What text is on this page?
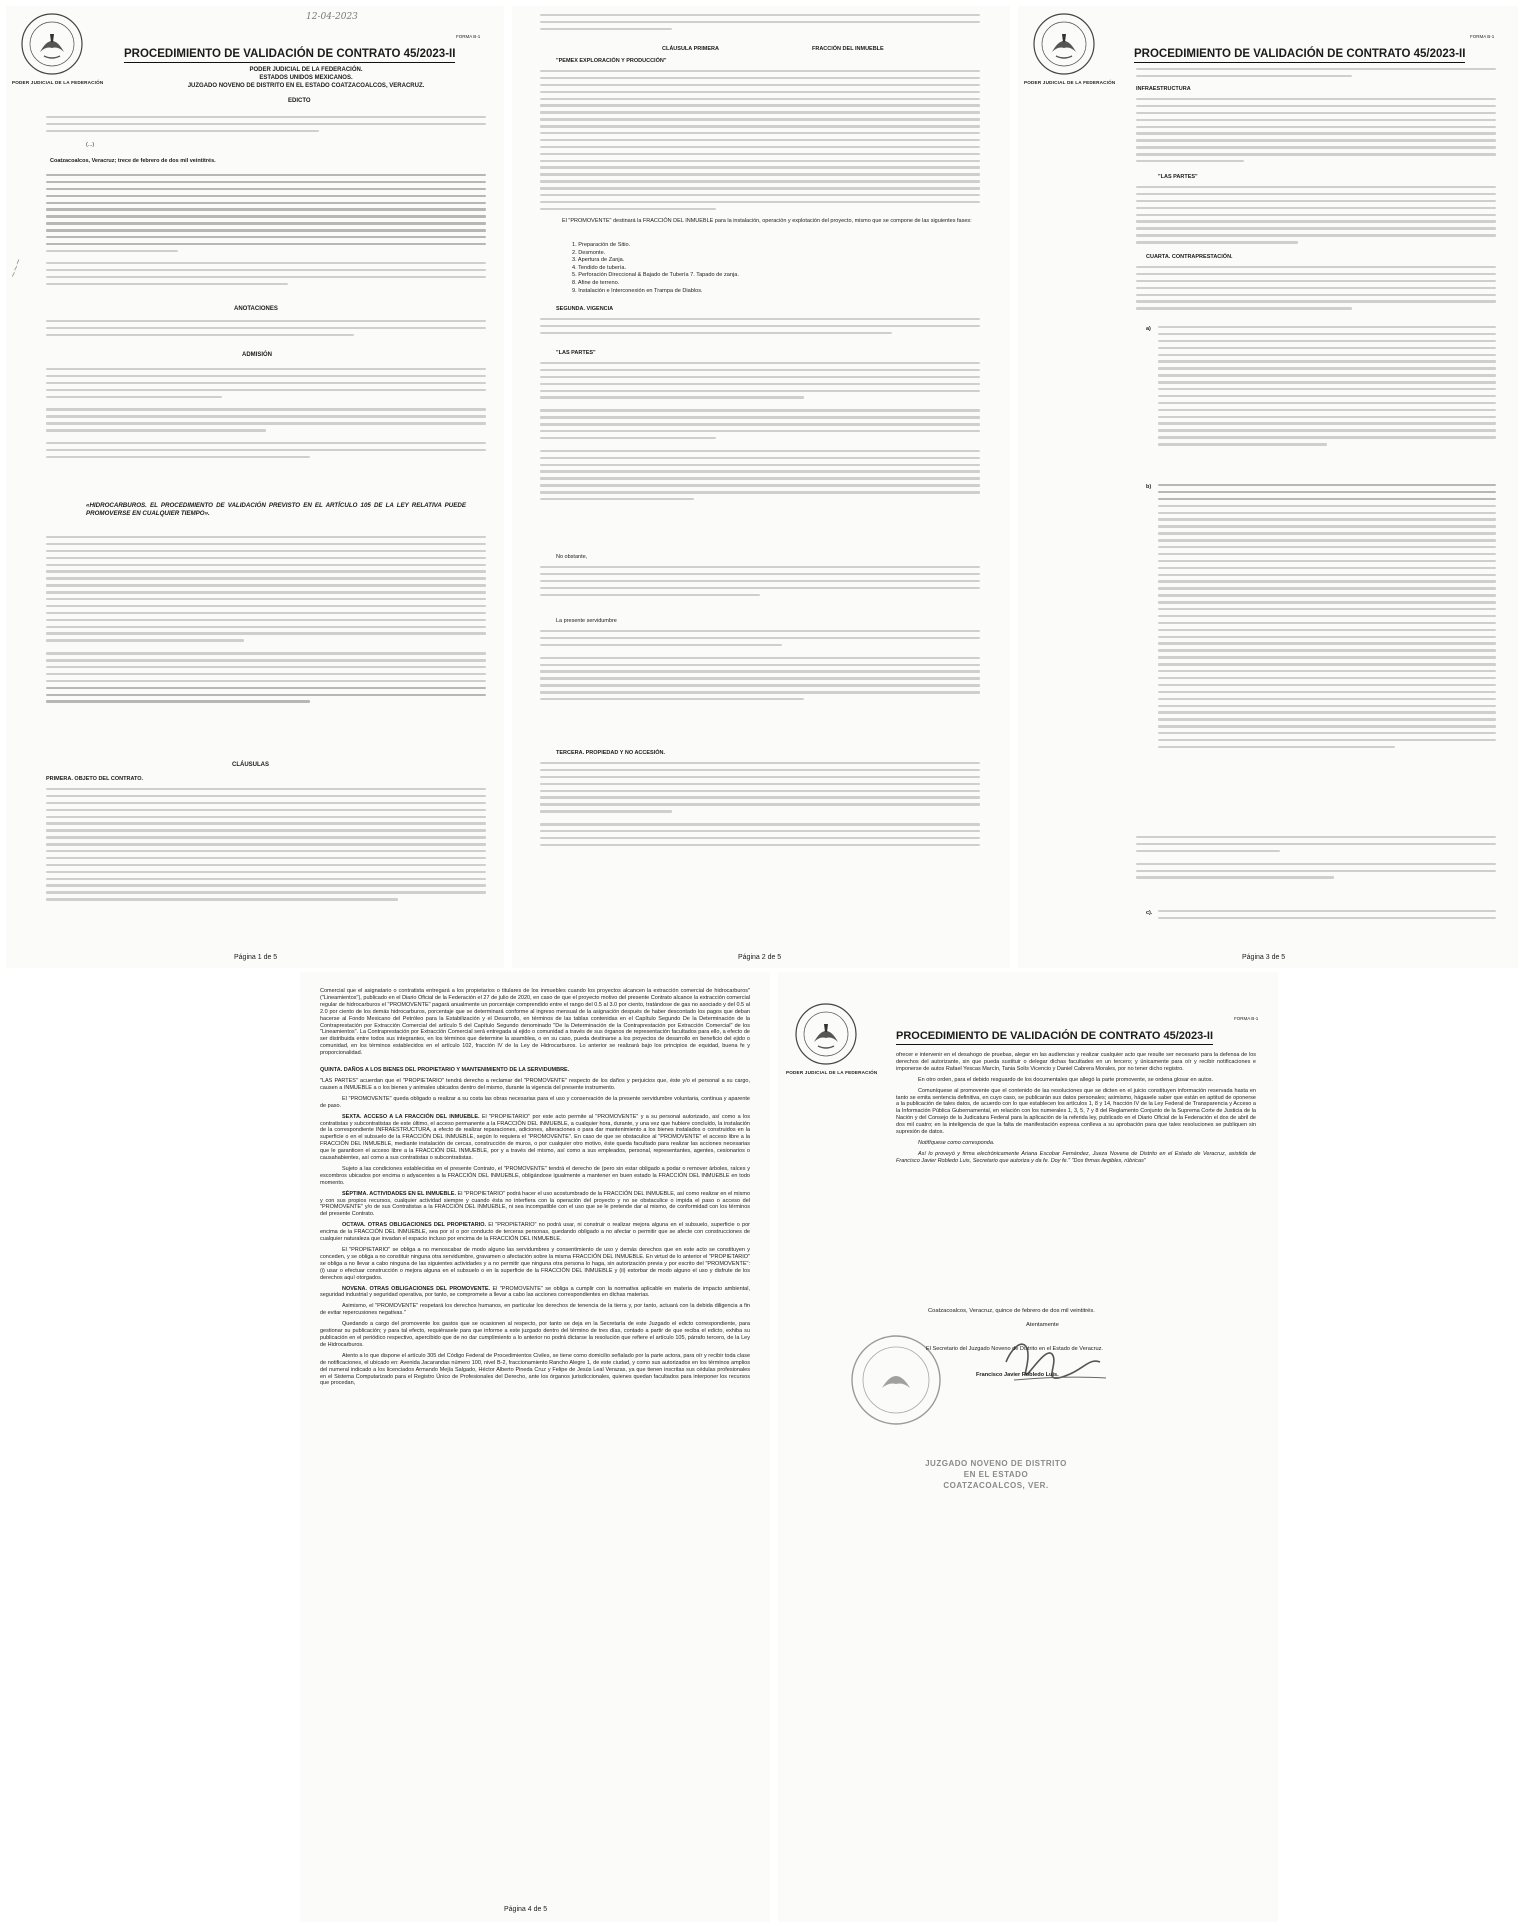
PODER JUDICIAL DE LA FEDERACIÓN
12-04-2023
FORMA B-1
PROCEDIMIENTO DE VALIDACIÓN DE CONTRATO 45/2023-II
PODER JUDICIAL DE LA FEDERACIÓN.
ESTADOS UNIDOS MEXICANOS.
JUZGADO NOVENO DE DISTRITO EN EL ESTADO COATZACOALCOS, VERACRUZ.
EDICTO
(...)
Coatzacoalcos, Veracruz; trece de febrero de dos mil veintitrés.
~~~
ANOTACIONES
ADMISIÓN
«HIDROCARBUROS. EL PROCEDIMIENTO DE VALIDACIÓN PREVISTO EN EL ARTÍCULO 105 DE LA LEY RELATIVA PUEDE PROMOVERSE EN CUALQUIER TIEMPO».
CLÁUSULAS
PRIMERA. OBJETO DEL CONTRATO.
Página 1 de 5
CLÁUSULA PRIMERA	FRACCIÓN DEL INMUEBLE
"PEMEX EXPLORACIÓN Y PRODUCCIÓN"

El "PROMOVENTE" destinará la FRACCIÓN DEL INMUEBLE para la instalación, operación y explotación del proyecto, mismo que se compone de las siguientes fases:

1. Preparación de Sitio.
2. Desmonte.
3. Apertura de Zanja.
4. Tendido de tubería.
5. Perforación Direccional & Bajado de Tubería 7. Tapado de zanja.
8. Afine de terreno.
9. Instalación e Interconexión en Trampa de Diablos.
SEGUNDA. VIGENCIA
"LAS PARTES"
No obstante,
La presente servidumbre
TERCERA. PROPIEDAD Y NO ACCESIÓN.
Página 2 de 5
PODER JUDICIAL DE LA FEDERACIÓN
FORMA B-1
PROCEDIMIENTO DE VALIDACIÓN DE CONTRATO 45/2023-II
INFRAESTRUCTURA
"LAS PARTES"
CUARTA. CONTRAPRESTACIÓN.
a)
b)
c).
Página 3 de 5

Comercial que el asignatario o contratista entregará a los propietarios o titulares de los inmuebles cuando los proyectos alcancen la extracción comercial de hidrocarburos" ("Lineamientos"), publicado en el Diario Oficial de la Federación el 27 de julio de 2020, en caso de que el proyecto motivo del presente Contrato alcance la extracción comercial regular de hidrocarburos el "PROMOVENTE" pagará anualmente un porcentaje comprendido entre el rango del 0.5 al 3.0 por ciento, tratándose de gas no asociado y del 0.5 al 2.0 por ciento de los demás hidrocarburos, porcentaje que se determinará conforme al ingreso mensual de la asignación después de haber descontado los pagos que deban hacerse al Fondo Mexicano del Petróleo para la Estabilización y el Desarrollo, en términos de las tablas contenidas en el Capítulo Segundo De la Determinación de la Contraprestación por Extracción Comercial del artículo 5 del Capítulo Segundo denominado "De la Determinación de la Contraprestación por Extracción Comercial" de los "Lineamientos". La Contraprestación por Extracción Comercial será entregada al ejido o comunidad a través de sus órganos de representación facultados para ello, a efecto de ser distribuida entre todos sus integrantes, en los términos que determine la asamblea, o en su caso, pueda destinarse a los proyectos de desarrollo en beneficio del ejido o comunidad, en los términos establecidos en el artículo 102, fracción IV de la Ley de Hidrocarburos. Lo anterior se realizará bajo los principios de equidad, buena fe y proporcionalidad.

QUINTA. DAÑOS A LOS BIENES DEL PROPIETARIO Y MANTENIMIENTO DE LA SERVIDUMBRE.

"LAS PARTES" acuerdan que el "PROPIETARIO" tendrá derecho a reclamar del "PROMOVENTE" respecto de los daños y perjuicios que, éste y/o el personal a su cargo, causen a INMUEBLE a o los bienes y animales ubicados dentro del mismo, durante la vigencia del presente instrumento.

El "PROMOVENTE" queda obligado a realizar a su costa las obras necesarias para el uso y conservación de la presente servidumbre voluntaria, continua y aparente de paso.

SEXTA. ACCESO A LA FRACCIÓN DEL INMUEBLE. El "PROPIETARIO" por este acto permite al "PROMOVENTE" y a su personal autorizado, así como a los contratistas y subcontratistas de este último, el acceso permanente a la FRACCIÓN DEL INMUEBLE, a cualquier hora, durante, y una vez que hubiere concluido, la instalación de la correspondiente INFRAESTRUCTURA, a efecto de realizar reparaciones, adiciones, alteraciones o para dar mantenimiento a los bienes instalados o construidos en la superficie o en el subsuelo de la FRACCIÓN DEL INMUEBLE, según lo requiera el "PROMOVENTE". En caso de que se obstaculice al "PROMOVENTE" el acceso libre a la FRACCIÓN DEL INMUEBLE, mediante instalación de cercas, construcción de muros, o por cualquier otro motivo, éste queda facultado para realizar las acciones necesarias que le garanticen el acceso libre a la FRACCIÓN DEL INMUEBLE, por y a través del mismo, así como a sus empleados, personal, representantes, agentes, cesionarios o causahabientes, así como a sus contratistas o subcontratistas.

Sujeto a las condiciones establecidas en el presente Contrato, el "PROMOVENTE" tendrá el derecho de (pero sin estar obligado a podar o remover árboles, raíces y escombros ubicados por encima o adyacentes a la FRACCIÓN DEL INMUEBLE, obligándose igualmente a mantener en buen estado la FRACCIÓN DEL INMUEBLE en todo momento.

SÉPTIMA. ACTIVIDADES EN EL INMUEBLE. El "PROPIETARIO" podrá hacer el uso acostumbrado de la FRACCIÓN DEL INMUEBLE, así como realizar en el mismo y con sus propios recursos, cualquier actividad siempre y cuando ésta no interfiera con la operación del proyecto y no se obstaculice o impida el paso o acceso del "PROMOVENTE" y/o de sus Contratistas a la FRACCIÓN DEL INMUEBLE, ni sea incompatible con el uso que se le pretende dar al mismo, de conformidad con los términos del presente Contrato.

OCTAVA. OTRAS OBLIGACIONES DEL PROPIETARIO. El "PROPIETARIO" no podrá usar, ni construir o realizar mejora alguna en el subsuelo, superficie o por encima de la FRACCIÓN DEL INMUEBLE, sea por sí o por conducto de terceras personas, quedando obligado a no afectar o permitir que se afecte con construcciones de cualquier naturaleza que invadan el espacio incluso por encima de la FRACCIÓN DEL INMUEBLE.

El "PROPIETARIO" se obliga a no menoscabar de modo alguno las servidumbres y consentimiento de uso y demás derechos que en este acto se constituyen y conceden, y se obliga a no constituir ninguna otra servidumbre, gravamen o afectación sobre la misma FRACCIÓN DEL INMUEBLE. En virtud de lo anterior el "PROPIETARIO" se obliga a no llevar a cabo ninguna de las siguientes actividades y a no permitir que ninguna otra persona lo haga, sin autorización previa y por escrito del "PROMOVENTE": (i) usar o efectuar construcción o mejora alguna en el subsuelo o en la superficie de la FRACCIÓN DEL INMUEBLE y (ii) estorbar de modo alguno el uso y disfrute de los derechos aquí otorgados.

NOVENA. OTRAS OBLIGACIONES DEL PROMOVENTE. El "PROMOVENTE" se obliga a cumplir con la normativa aplicable en materia de impacto ambiental, seguridad industrial y seguridad operativa, por tanto, se compromete a llevar a cabo las acciones correspondientes en dichas materias.

Asimismo, el "PROMOVENTE" respetará los derechos humanos, en particular los derechos de tenencia de la tierra y, por tanto, actuará con la debida diligencia a fin de evitar repercusiones negativas."

Quedando a cargo del promovente los gastos que se ocasionen al respecto, por tanto se deja en la Secretaría de este Juzgado el edicto correspondiente, para gestionar su publicación; y para tal efecto, requiérasele para que informe a este juzgado dentro del término de tres días, contado a partir de que reciba el edicto, exhiba su publicación en el periódico respectivo, apercibido que de no dar cumplimiento a lo anterior no podrá dictarse la resolución que refiere el artículo 105, párrafo tercero, de la Ley de Hidrocarburos.

Atento a lo que dispone el artículo 305 del Código Federal de Procedimientos Civiles, se tiene como domicilio señalado por la parte actora, para oír y recibir toda clase de notificaciones, el ubicado en: Avenida Jacarandas número 100, nivel B-2, fraccionamiento Rancho Alegre 1, de este ciudad, y como sus autorizados en los términos amplios del numeral indicado a los licenciados Armando Mejía Salgado, Héctor Alberto Pineda Cruz y Felipe de Jesús Leal Verazas, ya que tienen inscritas sus cédulas profesionales en el Sistema Computarizado para el Registro Único de Profesionales del Derecho, ante los órganos jurisdiccionales, quienes quedan facultados para interponer los recursos que procedan,

Página 4 de 5
PODER JUDICIAL DE LA FEDERACIÓN
FORMA B-1
PROCEDIMIENTO DE VALIDACIÓN DE CONTRATO 45/2023-II

ofrecer e intervenir en el desahogo de pruebas, alegar en las audiencias y realizar cualquier acto que resulte ser necesario para la defensa de los derechos del autorizante, sin que pueda sustituir o delegar dichas facultades en un tercero; y únicamente para oír y recibir notificaciones e imponerse de autos Rafael Yescas Marcín, Tania Solís Vicencio y Daniel Cabrera Morales, por no tener dicho registro.

En otro orden, para el debido resguardo de los documentales que allegó la parte promovente, se ordena glosar en autos.

Comuníquese al promovente que el contenido de las resoluciones que se dicten en el juicio constituyen información reservada hasta en tanto se emita sentencia definitiva, en cuyo caso, se publicarán sus datos personales; asimismo, hágasele saber que están en aptitud de oponerse a la publicación de tales datos, de acuerdo con lo que establecen los artículos 1, 8 y 14, fracción IV de la Ley Federal de Transparencia y Acceso a la Información Pública Gubernamental, en relación con los numerales 1, 3, 5, 7 y 8 del Reglamento Conjunto de la Suprema Corte de Justicia de la Nación y del Consejo de la Judicatura Federal para la aplicación de la referida ley, publicado en el Diario Oficial de la Federación el dos de abril de dos mil cuatro; en la inteligencia de que la falta de manifestación expresa conlleva a su aprobación para que tales resoluciones se publiquen sin supresión de datos.

Notifíquese como corresponda.

Así lo proveyó y firma electrónicamente Ariana Escobar Fernández, Jueza Novena de Distrito en el Estado de Veracruz, asistida de Francisco Javier Robledo Luis, Secretario que autoriza y da fe. Doy fe." "Dos firmas ilegibles, rúbricas"

Coatzacoalcos, Veracruz, quince de febrero de dos mil veintitrés.
Atentamente
El Secretario del Juzgado Noveno de Distrito en el Estado de Veracruz.
Francisco Javier Robledo Luis.
JUZGADO NOVENO DE DISTRITO
EN EL ESTADO
COATZACOALCOS, VER.
